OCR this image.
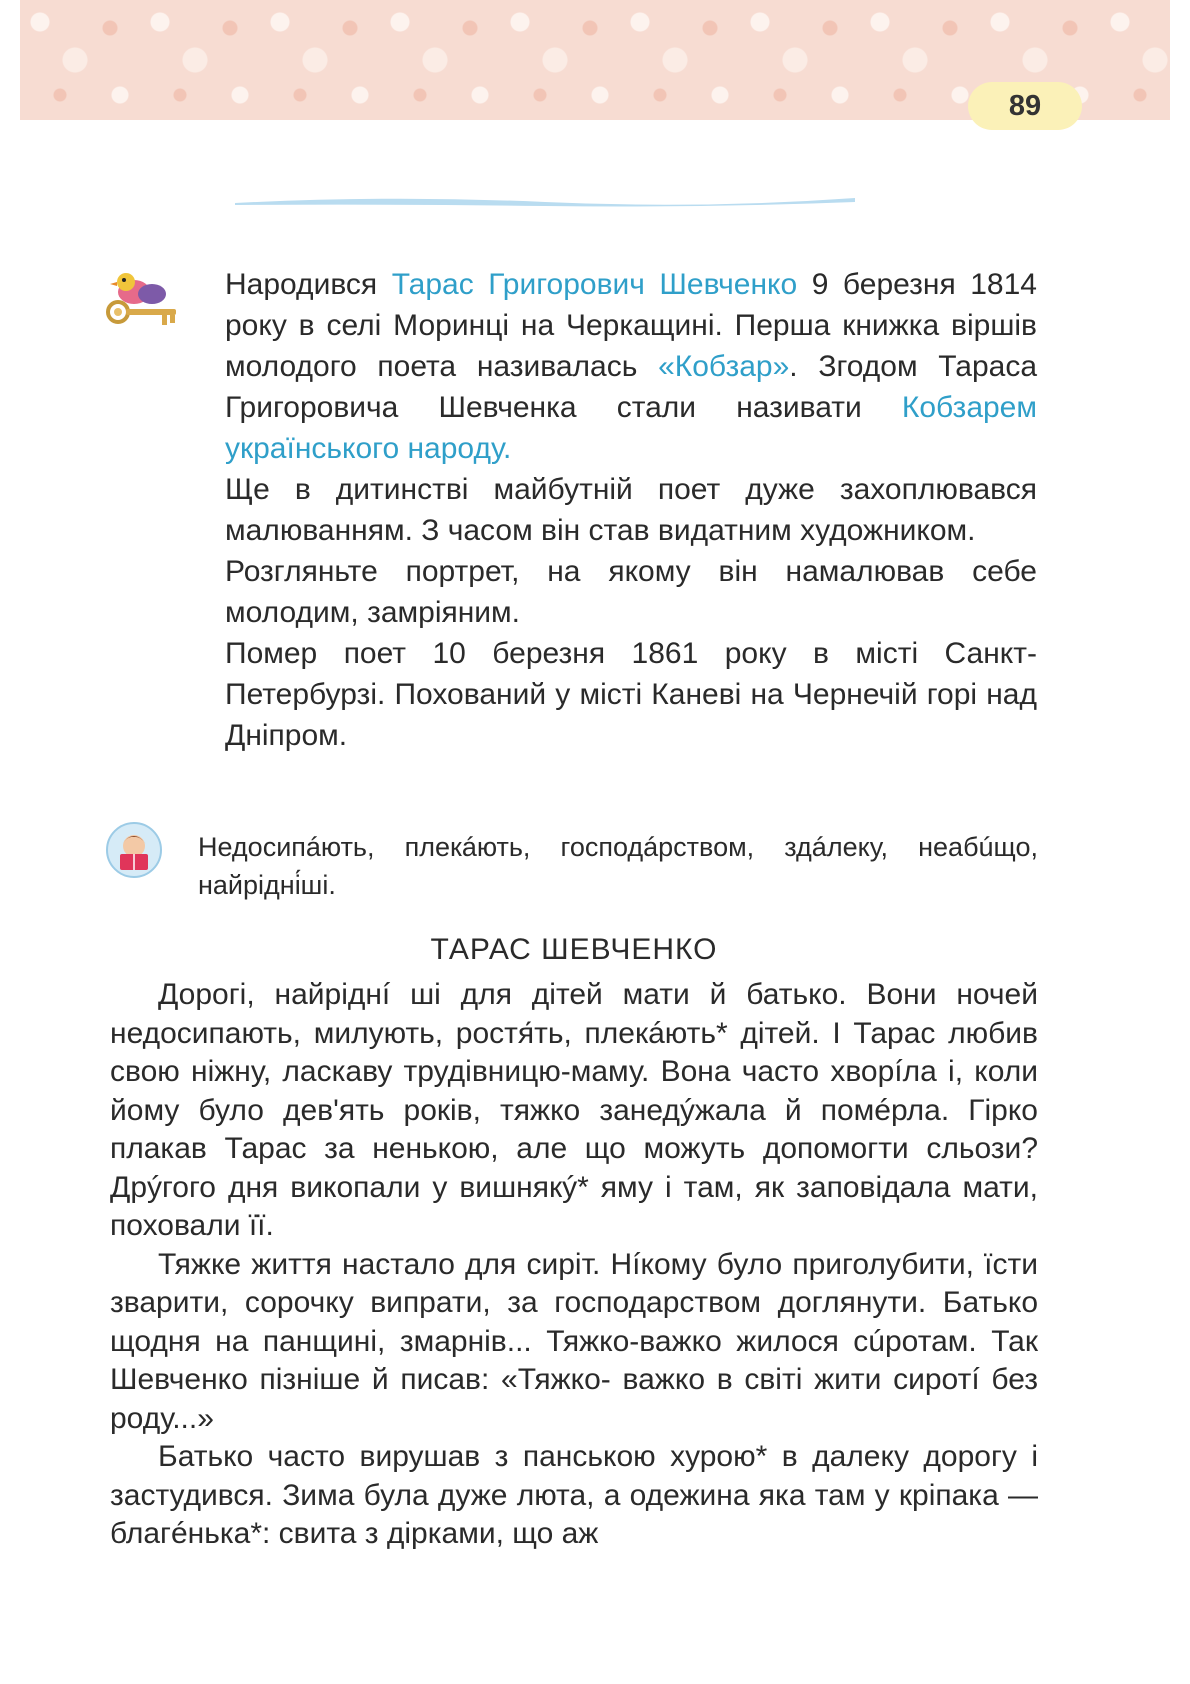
89

Народився Тарас Григорович Шевченко 9 березня 1814 року в селі Моринці на Черкащині. Перша книжка віршів молодого поета називалась «Кобзар». Згодом Тараса Григоровича Шевченка стали називати Кобзарем українського народу.

Ще в дитинстві майбутній поет дуже захоплювався малюванням. З часом він став видатним художником.

Розгляньте портрет, на якому він намалював себе молодим, замріяним.

Помер поет 10 березня 1861 року в місті Санкт-Петербурзі. Похований у місті Каневі на Чернечій горі над Дніпром.

Недосипáють, плекáють, господáрством, здáлеку, неабúщо, найрідні́ші.
ТАРАС ШЕВЧЕНКО

Дорогі, найріднí ші для дітей мати й батько. Вони ночей недосипають, милують, ростя́ть, плекáють* дітей. І Тарас любив свою ніжну, ласкаву трудівницю-маму. Вона часто хворíла і, коли йому було дев'ять років, тяжко занедýжала й помéрла. Гірко плакав Тарас за ненькою, але що можуть допомогти сльози? Дрýгого дня викопали у вишнякý* яму і там, як заповідала мати, поховали її.

Тяжке життя настало для сиріт. Нíкому було приголубити, їсти зварити, сорочку випрати, за господарством доглянути. Батько щодня на панщині, змарнів... Тяжко-важко жилося сúротам. Так Шевченко пізніше й писав: «Тяжко- важко в світі жити сиротí без роду...»

Батько часто вирушав з панською хурою* в далеку дорогу і застудився. Зима була дуже люта, а одежина яка там у кріпака — благéнька*: свита з дірками, що аж
